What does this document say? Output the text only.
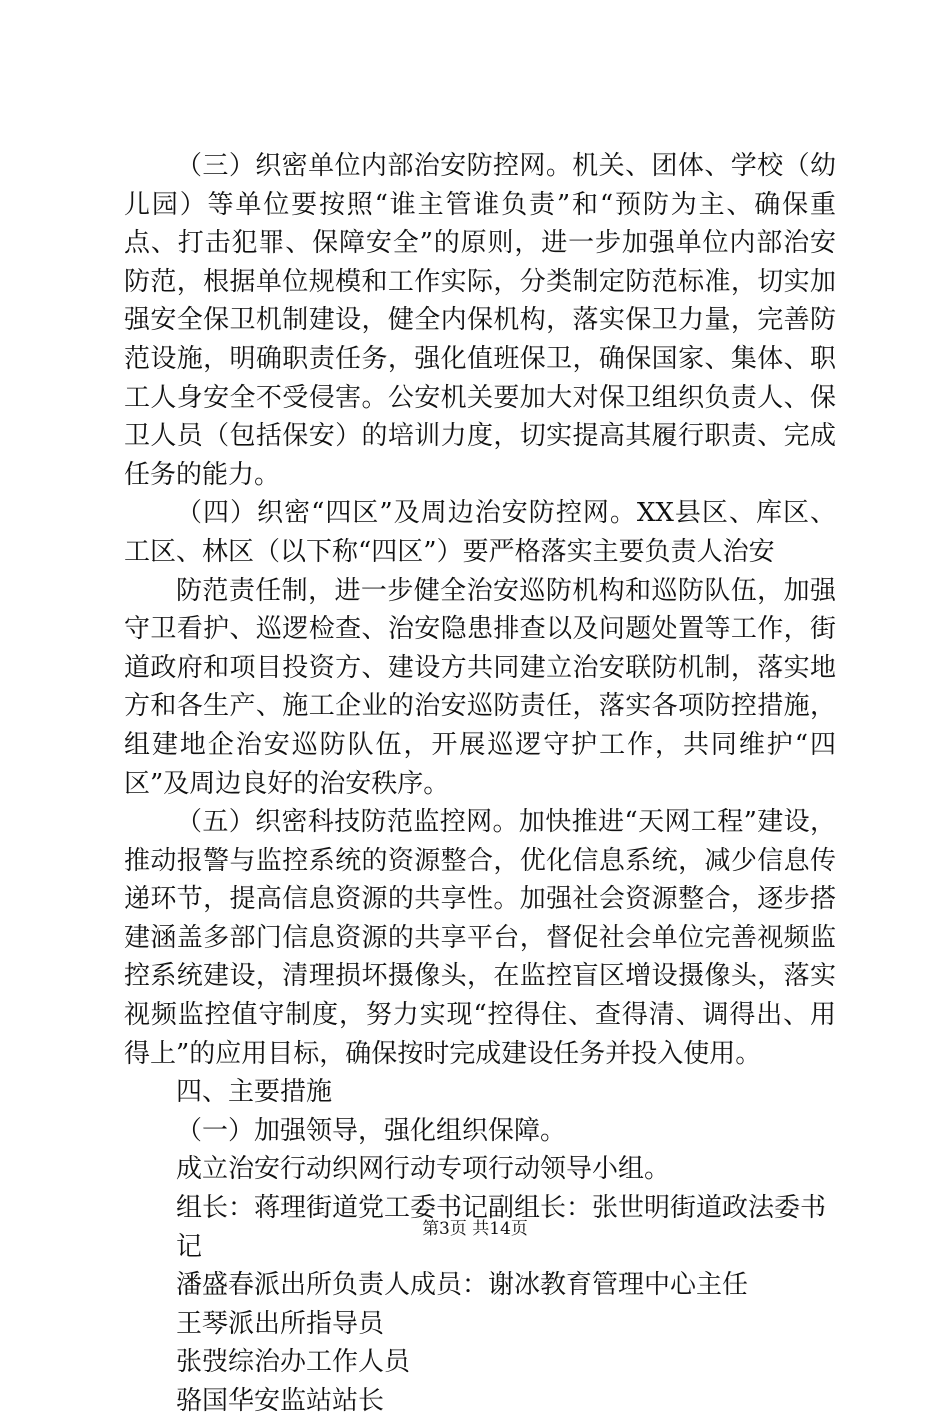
（三）织密单位内部治安防控网。机关、团体、学校（幼儿园）等单位要按照“谁主管谁负责”和“预防为主、确保重点、打击犯罪、保障安全”的原则，进一步加强单位内部治安防范，根据单位规模和工作实际，分类制定防范标准，切实加强安全保卫机制建设，健全内保机构，落实保卫力量，完善防范设施，明确职责任务，强化值班保卫，确保国家、集体、职工人身安全不受侵害。公安机关要加大对保卫组织负责人、保卫人员（包括保安）的培训力度，切实提高其履行职责、完成任务的能力。

（四）织密“四区”及周边治安防控网。XX县区、库区、工区、林区（以下称“四区”）要严格落实主要负责人治安

防范责任制，进一步健全治安巡防机构和巡防队伍，加强守卫看护、巡逻检查、治安隐患排查以及问题处置等工作，街道政府和项目投资方、建设方共同建立治安联防机制，落实地方和各生产、施工企业的治安巡防责任，落实各项防控措施，组建地企治安巡防队伍，开展巡逻守护工作，共同维护“四区”及周边良好的治安秩序。

（五）织密科技防范监控网。加快推进“天网工程”建设，推动报警与监控系统的资源整合，优化信息系统，减少信息传递环节，提高信息资源的共享性。加强社会资源整合，逐步搭建涵盖多部门信息资源的共享平台，督促社会单位完善视频监控系统建设，清理损坏摄像头，在监控盲区增设摄像头，落实视频监控值守制度，努力实现“控得住、查得清、调得出、用得上”的应用目标，确保按时完成建设任务并投入使用。

四、主要措施

（一）加强领导，强化组织保障。

成立治安行动织网行动专项行动领导小组。

组长：蒋理街道党工委书记副组长：张世明街道政法委书记

潘盛春派出所负责人成员：谢冰教育管理中心主任

王琴派出所指导员

张弢综治办工作人员

骆国华安监站站长

第3页 共14页
